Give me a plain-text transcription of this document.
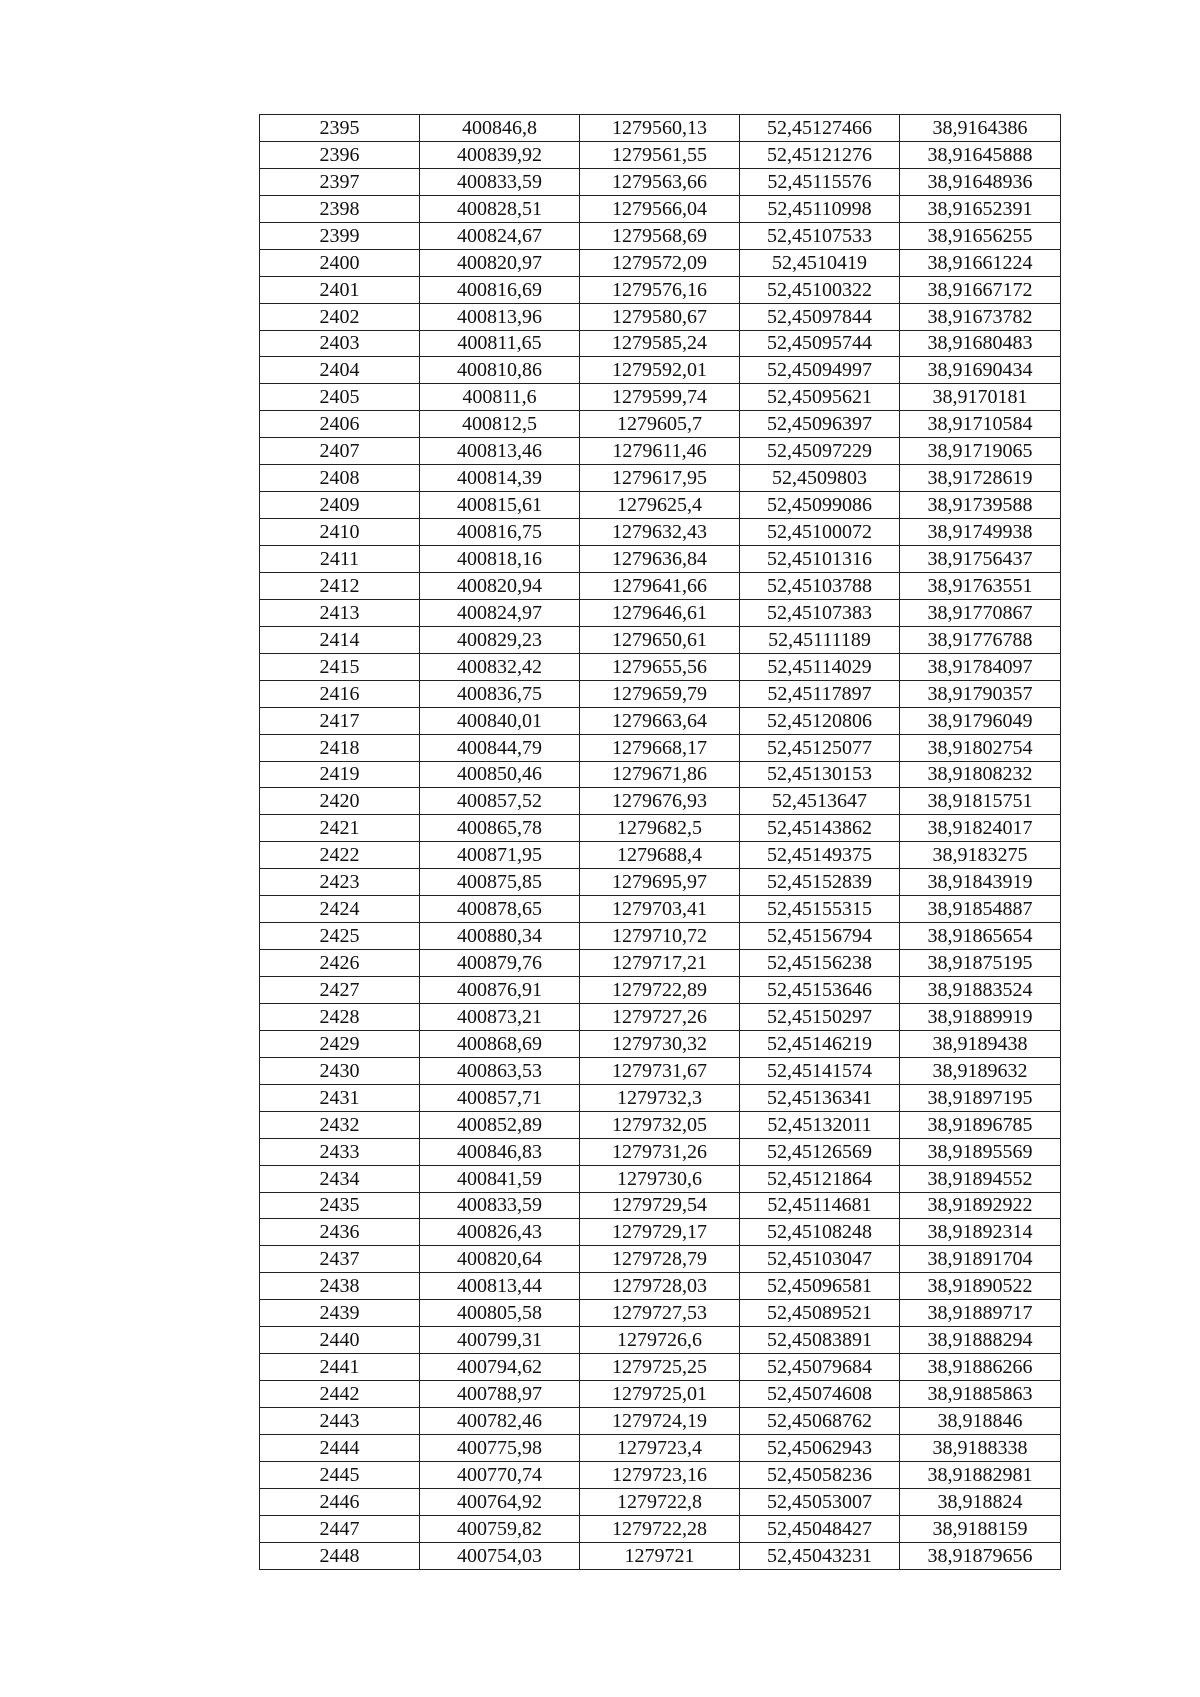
2395	400846,8	1279560,13	52,45127466	38,9164386
2396	400839,92	1279561,55	52,45121276	38,91645888
2397	400833,59	1279563,66	52,45115576	38,91648936
2398	400828,51	1279566,04	52,45110998	38,91652391
2399	400824,67	1279568,69	52,45107533	38,91656255
2400	400820,97	1279572,09	52,4510419	38,91661224
2401	400816,69	1279576,16	52,45100322	38,91667172
2402	400813,96	1279580,67	52,45097844	38,91673782
2403	400811,65	1279585,24	52,45095744	38,91680483
2404	400810,86	1279592,01	52,45094997	38,91690434
2405	400811,6	1279599,74	52,45095621	38,9170181
2406	400812,5	1279605,7	52,45096397	38,91710584
2407	400813,46	1279611,46	52,45097229	38,91719065
2408	400814,39	1279617,95	52,4509803	38,91728619
2409	400815,61	1279625,4	52,45099086	38,91739588
2410	400816,75	1279632,43	52,45100072	38,91749938
2411	400818,16	1279636,84	52,45101316	38,91756437
2412	400820,94	1279641,66	52,45103788	38,91763551
2413	400824,97	1279646,61	52,45107383	38,91770867
2414	400829,23	1279650,61	52,45111189	38,91776788
2415	400832,42	1279655,56	52,45114029	38,91784097
2416	400836,75	1279659,79	52,45117897	38,91790357
2417	400840,01	1279663,64	52,45120806	38,91796049
2418	400844,79	1279668,17	52,45125077	38,91802754
2419	400850,46	1279671,86	52,45130153	38,91808232
2420	400857,52	1279676,93	52,4513647	38,91815751
2421	400865,78	1279682,5	52,45143862	38,91824017
2422	400871,95	1279688,4	52,45149375	38,9183275
2423	400875,85	1279695,97	52,45152839	38,91843919
2424	400878,65	1279703,41	52,45155315	38,91854887
2425	400880,34	1279710,72	52,45156794	38,91865654
2426	400879,76	1279717,21	52,45156238	38,91875195
2427	400876,91	1279722,89	52,45153646	38,91883524
2428	400873,21	1279727,26	52,45150297	38,91889919
2429	400868,69	1279730,32	52,45146219	38,9189438
2430	400863,53	1279731,67	52,45141574	38,9189632
2431	400857,71	1279732,3	52,45136341	38,91897195
2432	400852,89	1279732,05	52,45132011	38,91896785
2433	400846,83	1279731,26	52,45126569	38,91895569
2434	400841,59	1279730,6	52,45121864	38,91894552
2435	400833,59	1279729,54	52,45114681	38,91892922
2436	400826,43	1279729,17	52,45108248	38,91892314
2437	400820,64	1279728,79	52,45103047	38,91891704
2438	400813,44	1279728,03	52,45096581	38,91890522
2439	400805,58	1279727,53	52,45089521	38,91889717
2440	400799,31	1279726,6	52,45083891	38,91888294
2441	400794,62	1279725,25	52,45079684	38,91886266
2442	400788,97	1279725,01	52,45074608	38,91885863
2443	400782,46	1279724,19	52,45068762	38,918846
2444	400775,98	1279723,4	52,45062943	38,9188338
2445	400770,74	1279723,16	52,45058236	38,91882981
2446	400764,92	1279722,8	52,45053007	38,918824
2447	400759,82	1279722,28	52,45048427	38,9188159
2448	400754,03	1279721	52,45043231	38,91879656
